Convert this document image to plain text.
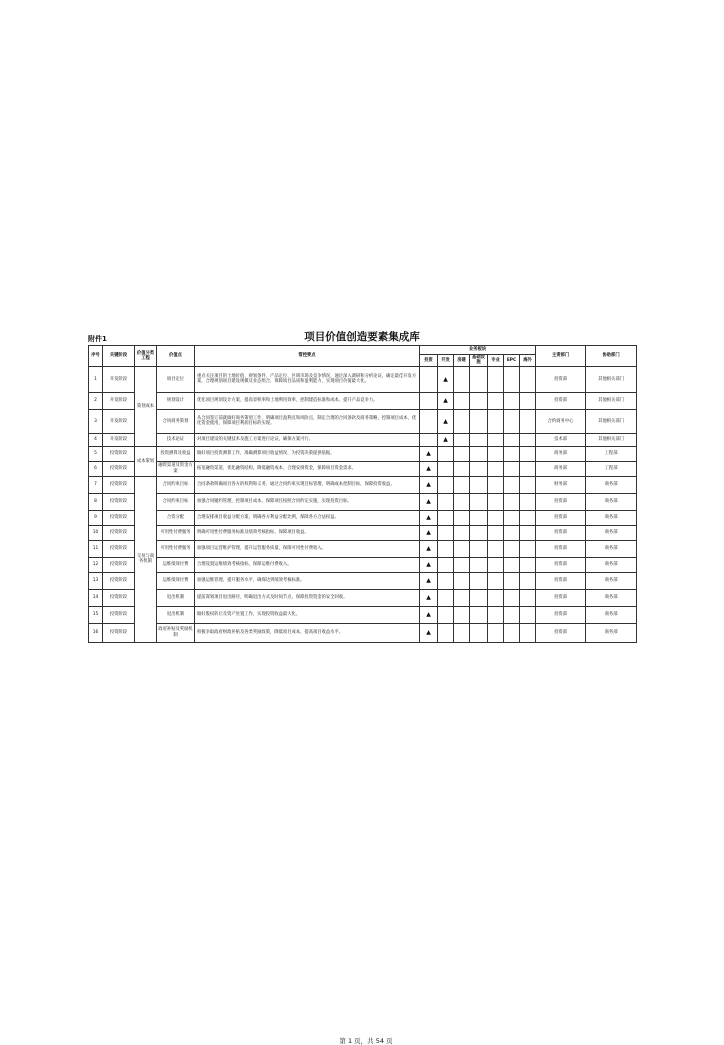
附件1	项目价值创造要素集成库
序号	关键阶段	价值分类工程	价值点	管控要点	业务板块							主责部门	协助部门
					投资	开发	房建	基础设施	专业	EPC	海外		
1	开发阶段	策划成本	项目定位	重点关注项目的土地价值、规划条件、产品定位、区域市场及竞争情况，通过深入调研和分析论证，确定最佳开发方案，合理规划项目建设规模及业态组合，保障项目品质和盈利能力，实现项目价值最大化。		▲						投资部	其他相关部门
2	开发阶段		规划设计	优化项目规划设计方案，提高容积率和土地利用效率，控制建造标准和成本，提升产品竞争力。		▲						投资部	其他相关部门
3	开发阶段		合同商务策划	从合同签订前就做好商务策划工作，明确项目盈利点和风险点，制定合理的合同条款及商务策略，控制项目成本，优化资金使用，保障项目利润目标的实现。		▲						合约商务中心	其他相关部门
4	开发阶段		技术论证	对项目建设的关键技术及施工方案进行论证，确保方案可行。		▲						技术部	其他相关部门
5	投资阶段	成本策划	投资测算及收益	做好项目投资测算工作，准确测算项目收益情况，为投资决策提供依据。	▲							商务部	工程部
6	投资阶段		融资渠道及资金方案	拓宽融资渠道，优化融资结构，降低融资成本，合理安排资金，保障项目资金需求。	▲							商务部	工程部
7	投资阶段	交易与商务机制	合同约束目标	合同条款明确项目各方的权利和义务，通过合同约束实现目标管理，明确成本控制目标，保障投资收益。	▲							财务部	商务部
8	投资阶段		合同约束目标	加强合同履约管理，控制项目成本，保障项目按照合同约定实施，实现投资目标。	▲							投资部	商务部
9	投资阶段		合资分配	合理安排项目收益分配方案，明确各方利益分配比例，保障各方合法权益。	▲							投资部	商务部
10	投资阶段		可用性付费服务	明确可用性付费服务标准及绩效考核指标，保障项目收益。	▲							投资部	商务部
11	投资阶段		可用性付费服务	加强项目运营维护管理，提升运营服务质量，保障可用性付费收入。	▲							投资部	商务部
12	投资阶段		运维绩效付费	合理设置运维绩效考核指标，保障运维付费收入。	▲							投资部	商务部
13	投资阶段		运维绩效付费	加强运维管理，提升服务水平，确保达到绩效考核标准。	▲							投资部	商务部
14	投资阶段		退出机制	提前谋划项目退出路径，明确退出方式及时间节点，保障投资资金的安全回收。	▲							投资部	商务部
15	投资阶段		退出机制	做好股权转让及资产处置工作，实现投资收益最大化。	▲							投资部	商务部
16	投资阶段		政府补贴及奖励机制	积极争取政府财政补贴及各类奖励政策，降低项目成本，提高项目收益水平。	▲							投资部	商务部
第 1 页，共 54 页
